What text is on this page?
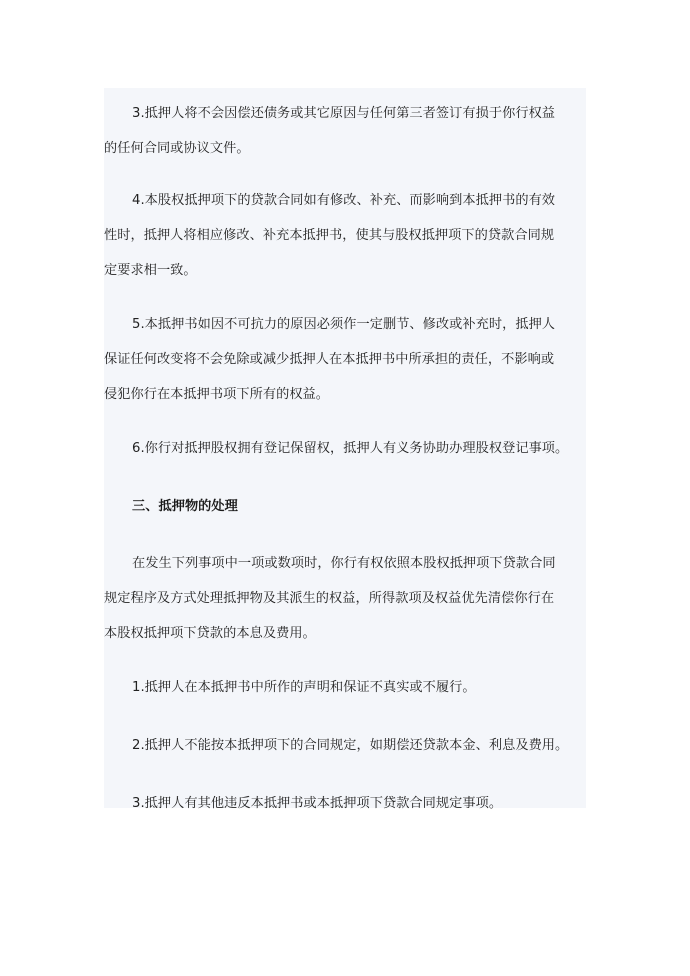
3.抵押人将不会因偿还债务或其它原因与任何第三者签订有损于你行权益
的任何合同或协议文件。

4.本股权抵押项下的贷款合同如有修改、补充、而影响到本抵押书的有效
性时，抵押人将相应修改、补充本抵押书，使其与股权抵押项下的贷款合同规
定要求相一致。

5.本抵押书如因不可抗力的原因必须作一定删节、修改或补充时，抵押人
保证任何改变将不会免除或减少抵押人在本抵押书中所承担的责任，不影响或
侵犯你行在本抵押书项下所有的权益。

6.你行对抵押股权拥有登记保留权，抵押人有义务协助办理股权登记事项。

三、抵押物的处理

在发生下列事项中一项或数项时，你行有权依照本股权抵押项下贷款合同
规定程序及方式处理抵押物及其派生的权益，所得款项及权益优先清偿你行在
本股权抵押项下贷款的本息及费用。

1.抵押人在本抵押书中所作的声明和保证不真实或不履行。

2.抵押人不能按本抵押项下的合同规定，如期偿还贷款本金、利息及费用。

3.抵押人有其他违反本抵押书或本抵押项下贷款合同规定事项。
